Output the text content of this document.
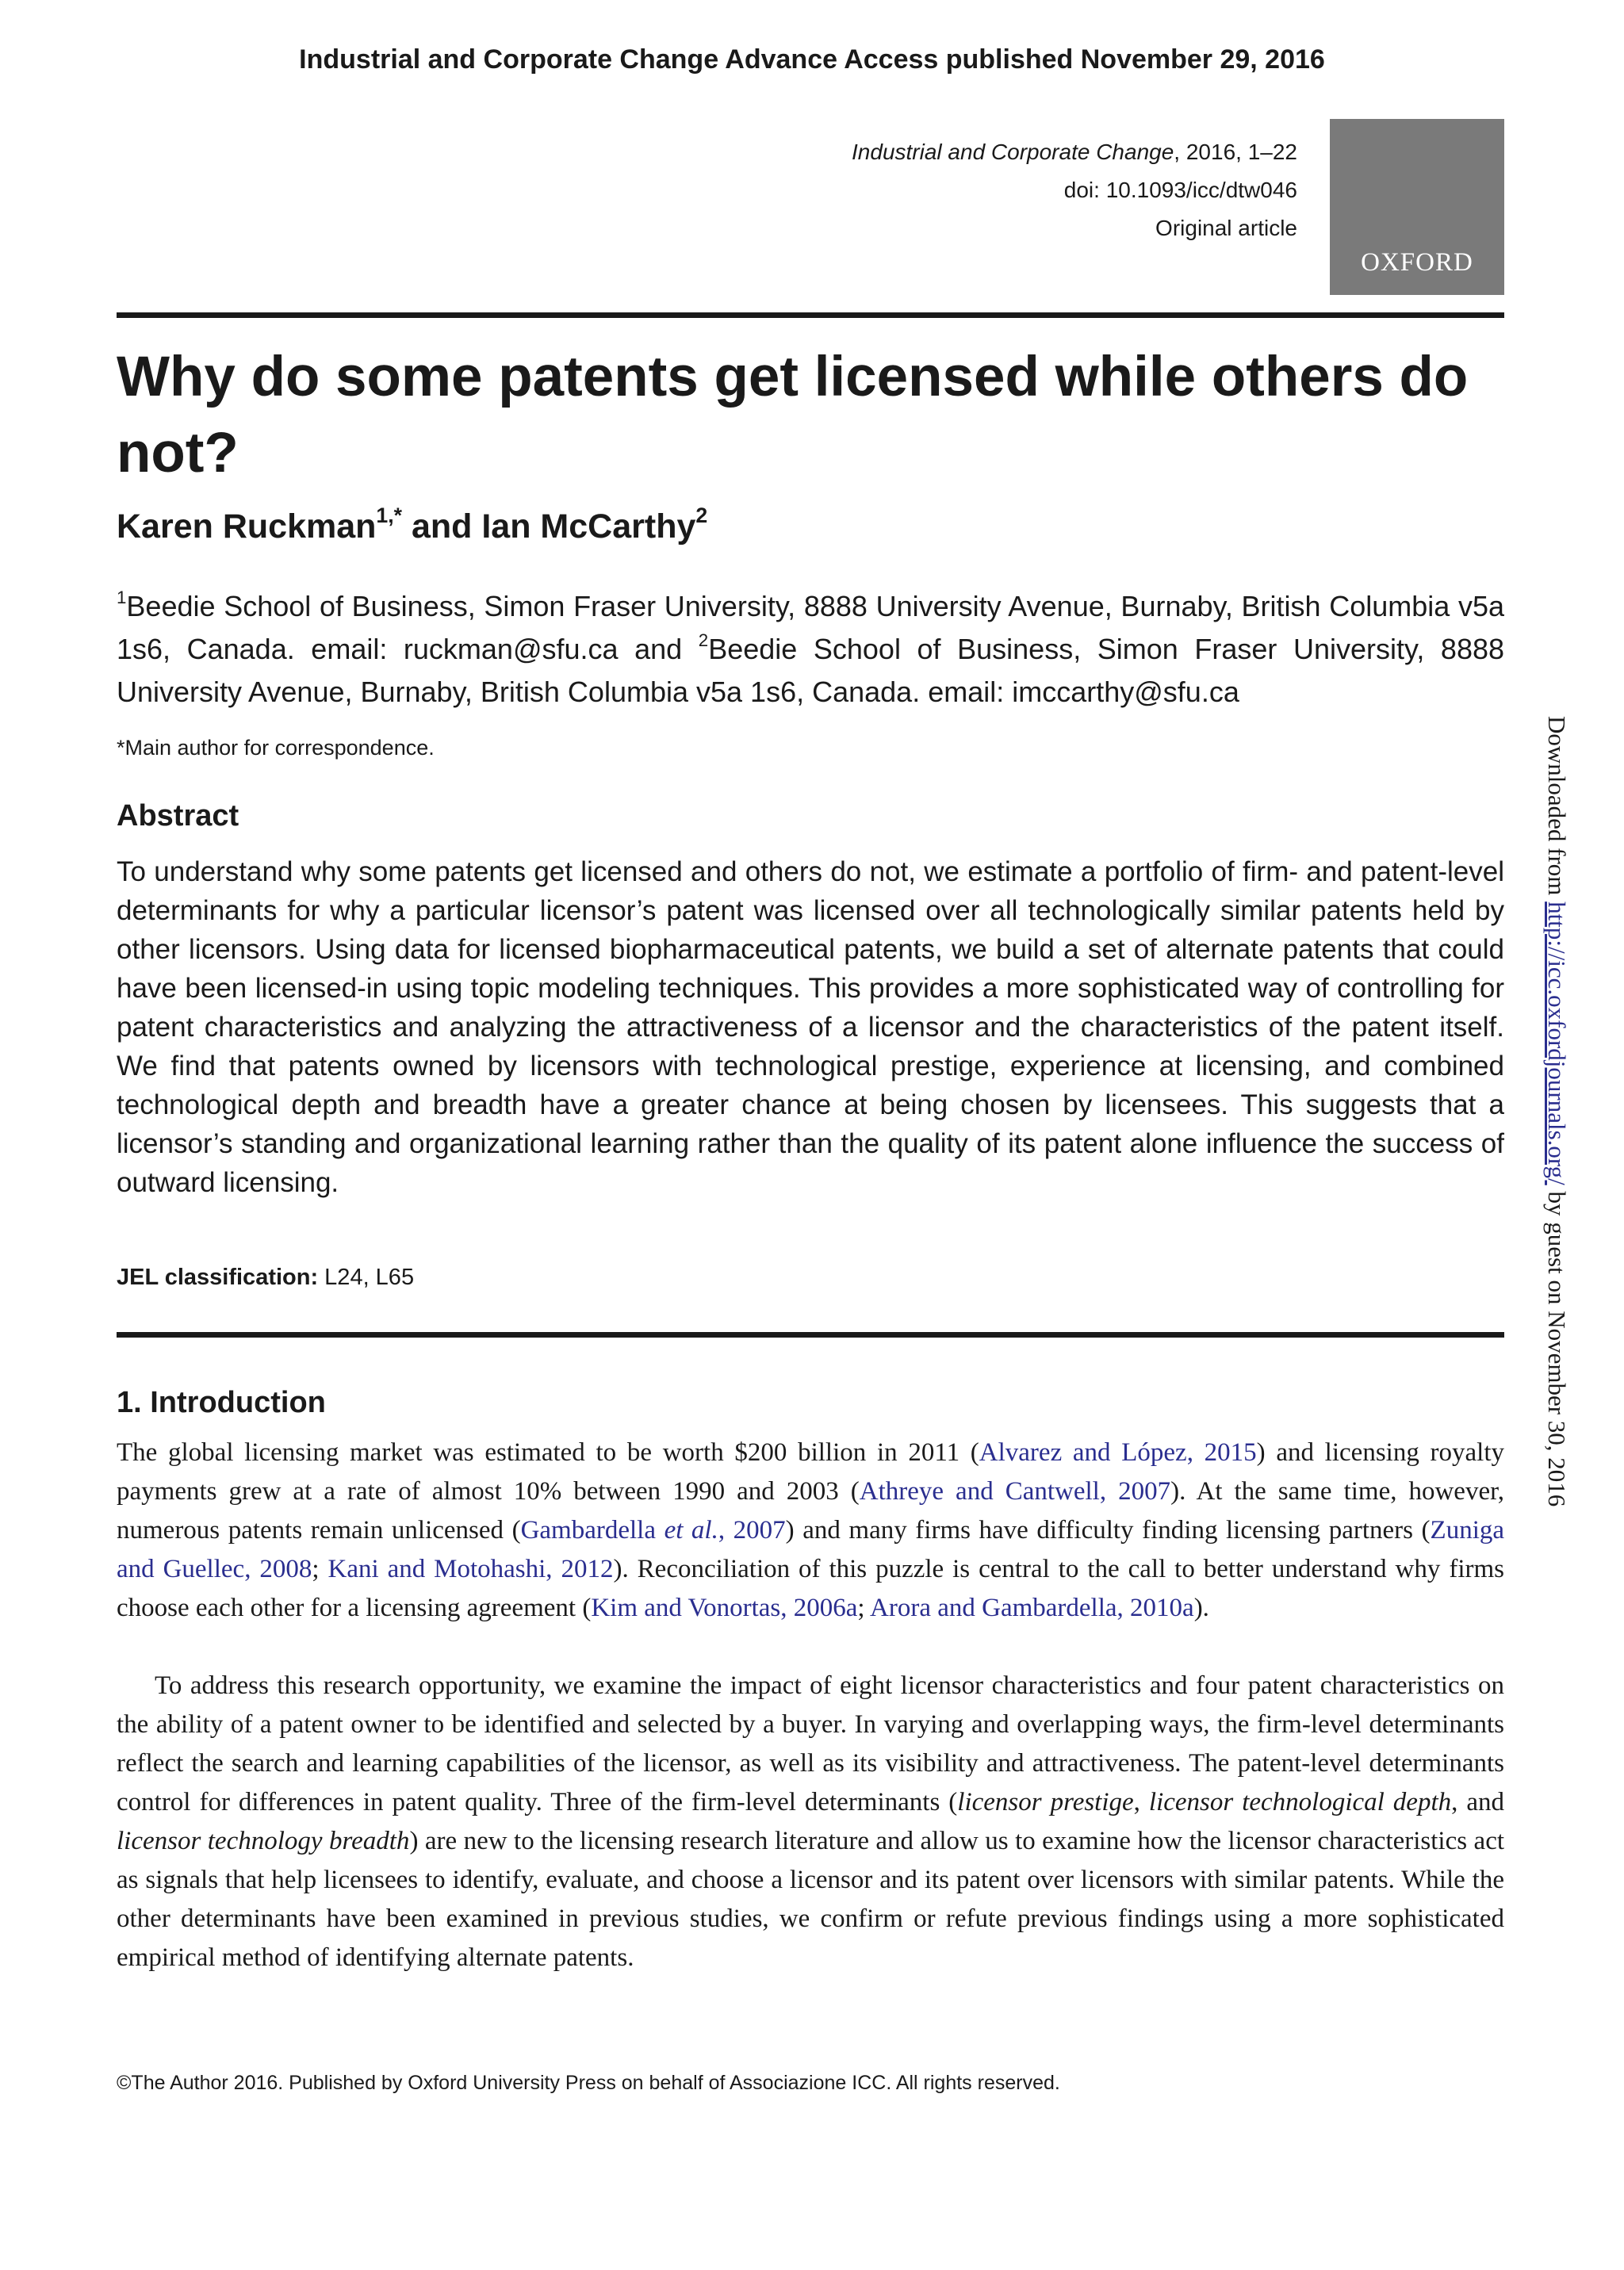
Industrial and Corporate Change Advance Access published November 29, 2016
Industrial and Corporate Change, 2016, 1–22
doi: 10.1093/icc/dtw046
Original article
OXFORD
Why do some patents get licensed while others do not?
Karen Ruckman$^{1,*}$ and Ian McCarthy$^2$
$^1$Beedie School of Business, Simon Fraser University, 8888 University Avenue, Burnaby, British Columbia v5a 1s6, Canada. email: ruckman@sfu.ca and $^2$Beedie School of Business, Simon Fraser University, 8888 University Avenue, Burnaby, British Columbia v5a 1s6, Canada. email: imccarthy@sfu.ca
*Main author for correspondence.
Abstract

To understand why some patents get licensed and others do not, we estimate a portfolio of firm- and patent-level determinants for why a particular licensor’s patent was licensed over all technologically similar patents held by other licensors. Using data for licensed biopharmaceutical patents, we build a set of alternate patents that could have been licensed-in using topic modeling techniques. This provides a more sophisticated way of controlling for patent characteristics and analyzing the attractiveness of a licensor and the characteristics of the patent itself. We find that patents owned by licensors with technological prestige, experience at licensing, and combined technological depth and breadth have a greater chance at being chosen by licensees. This suggests that a licensor’s standing and organizational learning rather than the quality of its patent alone influence the success of outward licensing.

JEL classification: L24, L65
1. Introduction

The global licensing market was estimated to be worth $200 billion in 2011 (Alvarez and López, 2015) and licensing royalty payments grew at a rate of almost 10% between 1990 and 2003 (Athreye and Cantwell, 2007). At the same time, however, numerous patents remain unlicensed (Gambardella et al., 2007) and many firms have difficulty finding licensing partners (Zuniga and Guellec, 2008; Kani and Motohashi, 2012). Reconciliation of this puzzle is central to the call to better understand why firms choose each other for a licensing agreement (Kim and Vonortas, 2006a; Arora and Gambardella, 2010a).

To address this research opportunity, we examine the impact of eight licensor characteristics and four patent characteristics on the ability of a patent owner to be identified and selected by a buyer. In varying and overlapping ways, the firm-level determinants reflect the search and learning capabilities of the licensor, as well as its visibility and attractiveness. The patent-level determinants control for differences in patent quality. Three of the firm-level determinants (licensor prestige, licensor technological depth, and licensor technology breadth) are new to the licensing research literature and allow us to examine how the licensor characteristics act as signals that help licensees to identify, evaluate, and choose a licensor and its patent over licensors with similar patents. While the other determinants have been examined in previous studies, we confirm or refute previous findings using a more sophisticated empirical method of identifying alternate patents.

©The Author 2016. Published by Oxford University Press on behalf of Associazione ICC. All rights reserved.
Downloaded from http://icc.oxfordjournals.org/ by guest on November 30, 2016
